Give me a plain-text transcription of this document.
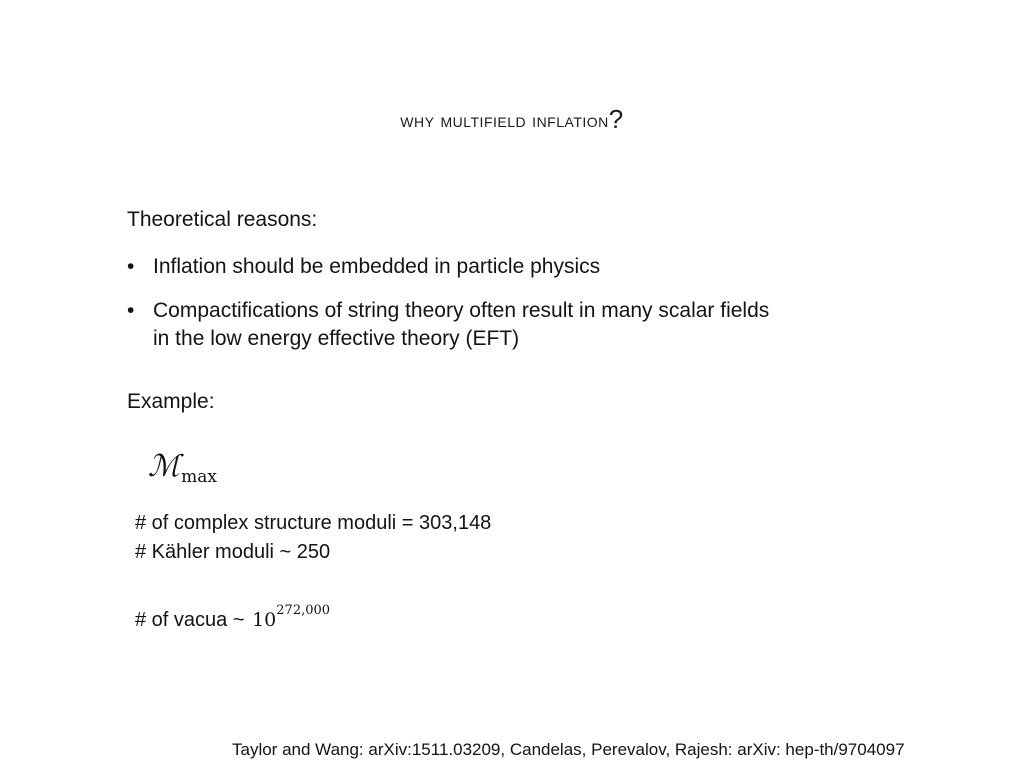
why multifield inflation?
Theoretical reasons:
• Inflation should be embedded in particle physics
• Compactifications of string theory often result in many scalar fields
in the low energy effective theory (EFT)
Example:
ℳmax
# of complex structure moduli = 303,148
# Kähler moduli ~ 250
# of vacua ~ 10$^{272,000}$
Taylor and Wang: arXiv:1511.03209, Candelas, Perevalov, Rajesh: arXiv: hep-th/9704097
